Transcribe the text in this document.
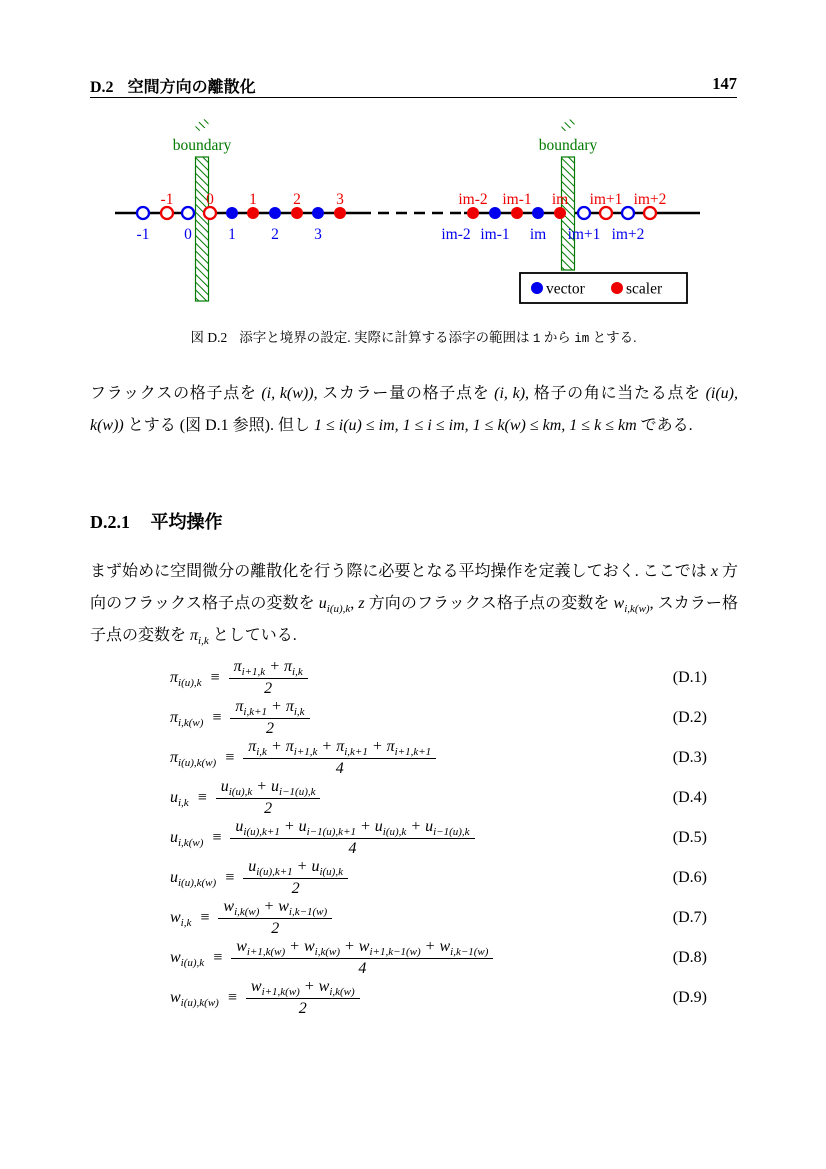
D.2 空間方向の離散化	147
boundary	boundary
-1
-1
0
0
1
1
2
2
3
3
im-2
im-2
im-1
im-1
im
im
im+1
im+1
im+2
im+2
vector	scaler
図 D.2 添字と境界の設定. 実際に計算する添字の範囲は 1 から im とする.
フラックスの格子点を (i, k(w)), スカラー量の格子点を (i, k), 格子の角に当たる点を (i(u), k(w)) とする (図 D.1 参照). 但し 1 ≤ i(u) ≤ im, 1 ≤ i ≤ im, 1 ≤ k(w) ≤ km, 1 ≤ k ≤ km である.
D.2.1 平均操作
まず始めに空間微分の離散化を行う際に必要となる平均操作を定義しておく. ここでは x 方向のフラックス格子点の変数を $u_{i(u),k}$, z 方向のフラックス格子点の変数を $w_{i,k(w)}$, スカラー格子点の変数を $\pi_{i,k}$ としている.
$\pi_{i(u),k} \equiv \frac{\pi_{i+1,k} + \pi_{i,k}}{2}$	(D.1)
$\pi_{i,k(w)} \equiv \frac{\pi_{i,k+1} + \pi_{i,k}}{2}$	(D.2)
$\pi_{i(u),k(w)} \equiv \frac{\pi_{i,k} + \pi_{i+1,k} + \pi_{i,k+1} + \pi_{i+1,k+1}}{4}$	(D.3)
$u_{i,k} \equiv \frac{u_{i(u),k} + u_{i-1(u),k}}{2}$	(D.4)
$u_{i,k(w)} \equiv \frac{u_{i(u),k+1} + u_{i-1(u),k+1} + u_{i(u),k} + u_{i-1(u),k}}{4}$	(D.5)
$u_{i(u),k(w)} \equiv \frac{u_{i(u),k+1} + u_{i(u),k}}{2}$	(D.6)
$w_{i,k} \equiv \frac{w_{i,k(w)} + w_{i,k-1(w)}}{2}$	(D.7)
$w_{i(u),k} \equiv \frac{w_{i+1,k(w)} + w_{i,k(w)} + w_{i+1,k-1(w)} + w_{i,k-1(w)}}{4}$	(D.8)
$w_{i(u),k(w)} \equiv \frac{w_{i+1,k(w)} + w_{i,k(w)}}{2}$	(D.9)
